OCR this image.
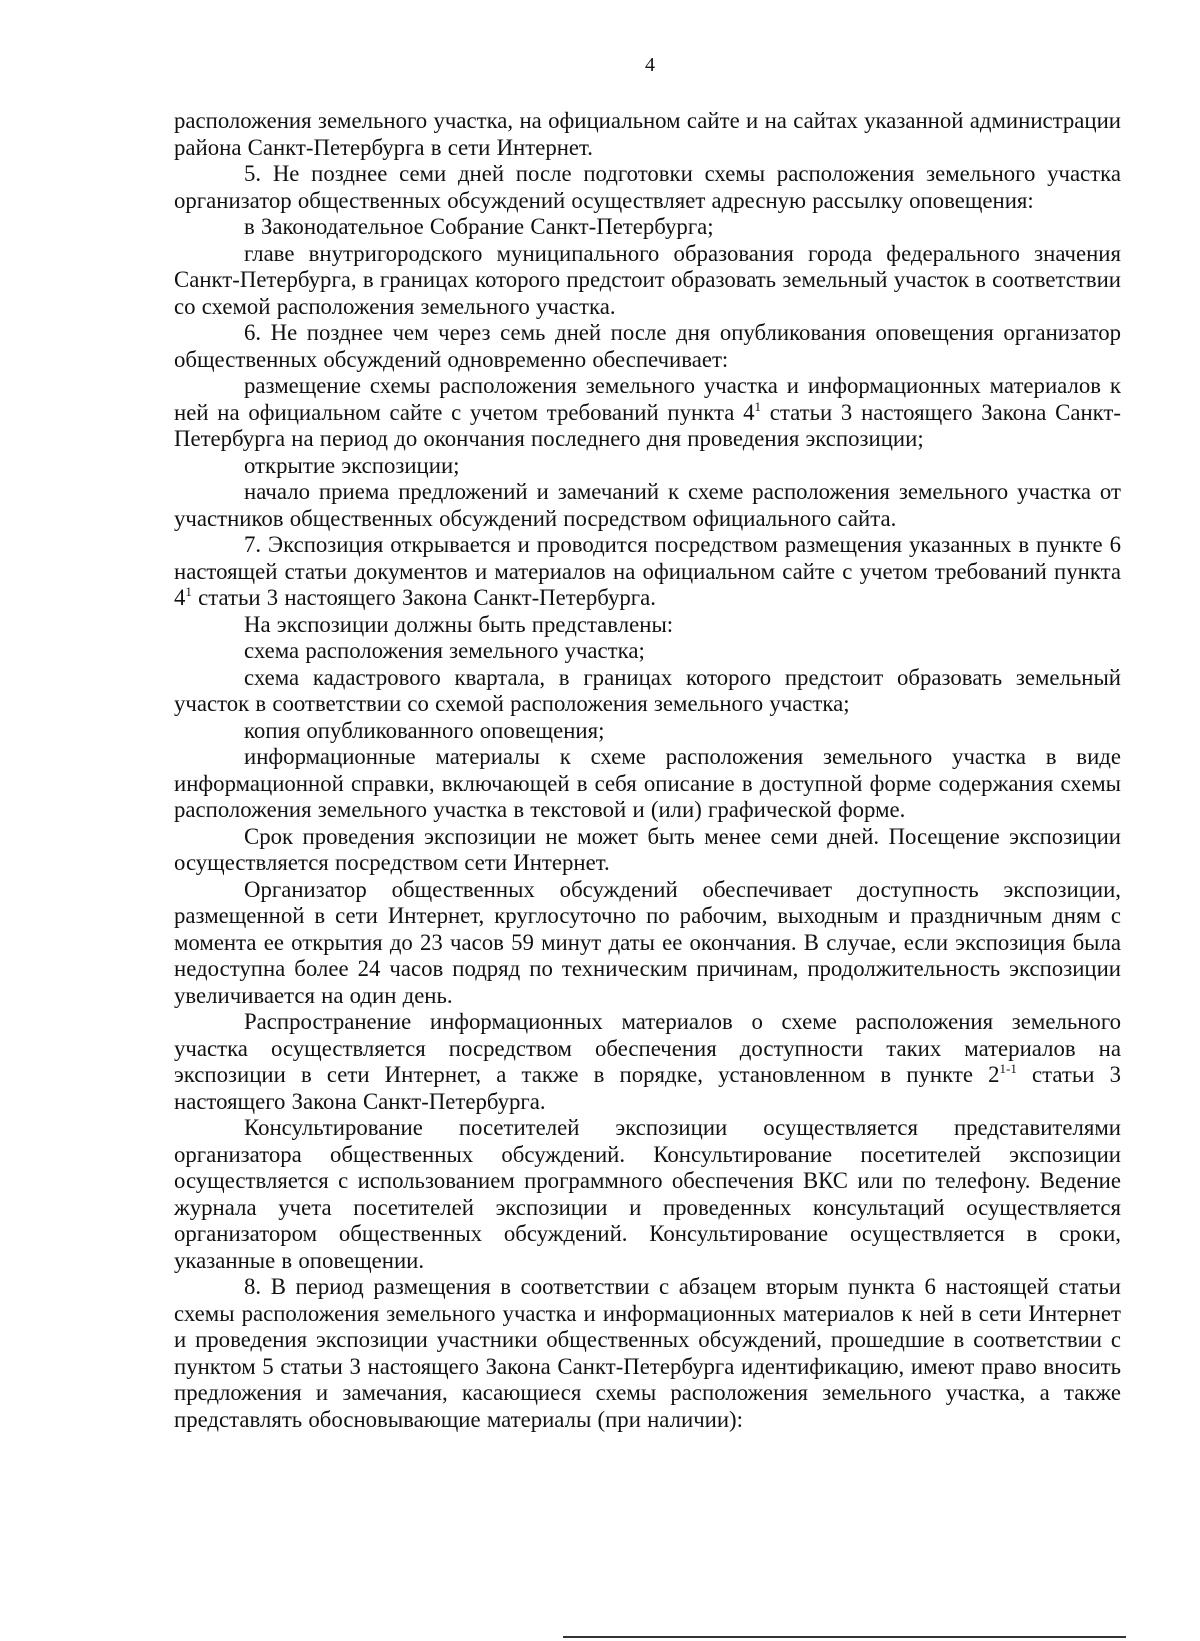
4

расположения земельного участка, на официальном сайте и на сайтах указанной администрации района Санкт-Петербурга в сети Интернет.

5. Не позднее семи дней после подготовки схемы расположения земельного участка организатор общественных обсуждений осуществляет адресную рассылку оповещения:

в Законодательное Собрание Санкт-Петербурга;

главе внутригородского муниципального образования города федерального значения Санкт-Петербурга, в границах которого предстоит образовать земельный участок в соответствии со схемой расположения земельного участка.

6. Не позднее чем через семь дней после дня опубликования оповещения организатор общественных обсуждений одновременно обеспечивает:

размещение схемы расположения земельного участка и информационных материалов к ней на официальном сайте с учетом требований пункта $4^1$ статьи 3 настоящего Закона Санкт-Петербурга на период до окончания последнего дня проведения экспозиции;

открытие экспозиции;

начало приема предложений и замечаний к схеме расположения земельного участка от участников общественных обсуждений посредством официального сайта.

7. Экспозиция открывается и проводится посредством размещения указанных в пункте 6 настоящей статьи документов и материалов на официальном сайте с учетом требований пункта $4^1$ статьи 3 настоящего Закона Санкт-Петербурга.

На экспозиции должны быть представлены:

схема расположения земельного участка;

схема кадастрового квартала, в границах которого предстоит образовать земельный участок в соответствии со схемой расположения земельного участка;

копия опубликованного оповещения;

информационные материалы к схеме расположения земельного участка в виде информационной справки, включающей в себя описание в доступной форме содержания схемы расположения земельного участка в текстовой и (или) графической форме.

Срок проведения экспозиции не может быть менее семи дней. Посещение экспозиции осуществляется посредством сети Интернет.

Организатор общественных обсуждений обеспечивает доступность экспозиции, размещенной в сети Интернет, круглосуточно по рабочим, выходным и праздничным дням с момента ее открытия до 23 часов 59 минут даты ее окончания. В случае, если экспозиция была недоступна более 24 часов подряд по техническим причинам, продолжительность экспозиции увеличивается на один день.

Распространение информационных материалов о схеме расположения земельного участка осуществляется посредством обеспечения доступности таких материалов на экспозиции в сети Интернет, а также в порядке, установленном в пункте 2$^{1-1}$ статьи 3 настоящего Закона Санкт-Петербурга.

Консультирование посетителей экспозиции осуществляется представителями организатора общественных обсуждений. Консультирование посетителей экспозиции осуществляется с использованием программного обеспечения ВКС или по телефону. Ведение журнала учета посетителей экспозиции и проведенных консультаций осуществляется организатором общественных обсуждений. Консультирование осуществляется в сроки, указанные в оповещении.

8. В период размещения в соответствии с абзацем вторым пункта 6 настоящей статьи схемы расположения земельного участка и информационных материалов к ней в сети Интернет и проведения экспозиции участники общественных обсуждений, прошедшие в соответствии с пунктом 5 статьи 3 настоящего Закона Санкт-Петербурга идентификацию, имеют право вносить предложения и замечания, касающиеся схемы расположения земельного участка, а также представлять обосновывающие материалы (при наличии):
